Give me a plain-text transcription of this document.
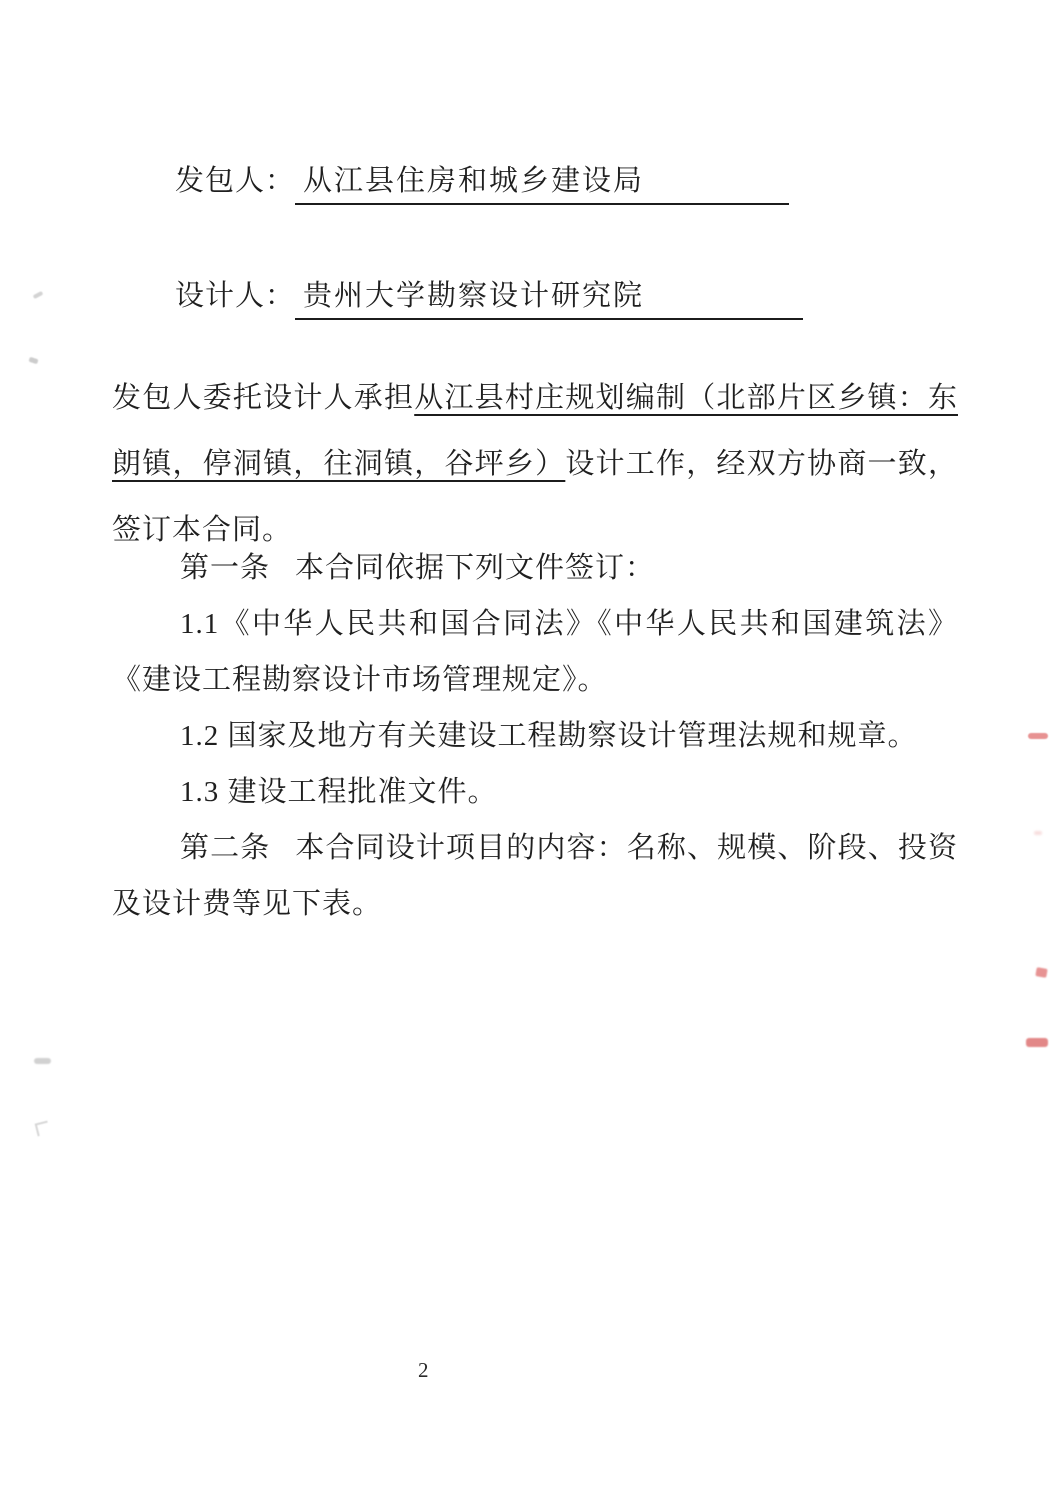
发包人： 从江县住房和城乡建设局
设计人： 贵州大学勘察设计研究院

发包人委托设计人承担从江县村庄规划编制（北部片区乡镇：东朗镇，停洞镇，往洞镇，谷坪乡）设计工作，经双方协商一致，签订本合同。

第一条 本合同依据下列文件签订：

1.1《中华人民共和国合同法》《中华人民共和国建筑法》《建设工程勘察设计市场管理规定》。

1.2 国家及地方有关建设工程勘察设计管理法规和规章。

1.3 建设工程批准文件。

第二条 本合同设计项目的内容：名称、规模、阶段、投资及设计费等见下表。

2
